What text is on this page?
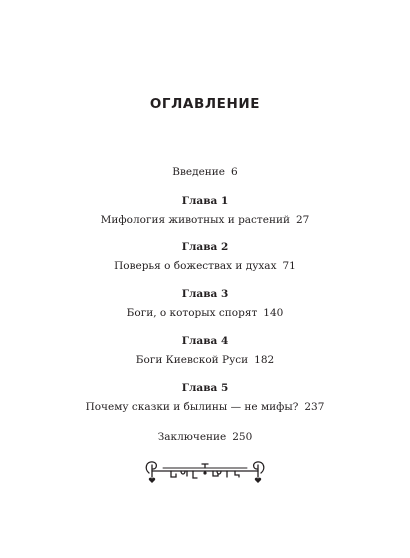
ОГЛАВЛЕНИЕ
Введение 6
Глава 1
Мифология животных и растений 27
Глава 2
Поверья о божествах и духах 71
Глава 3
Боги, о которых спорят 140
Глава 4
Боги Киевской Руси 182
Глава 5
Почему сказки и былины — не мифы? 237
Заключение 250
